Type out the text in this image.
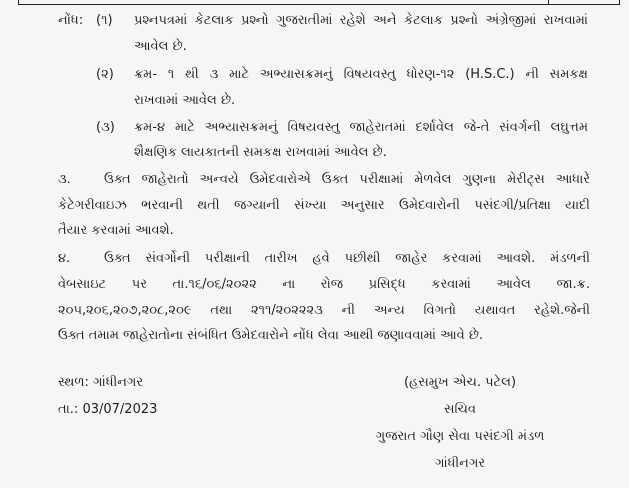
નોંધ: (૧) પ્રશ્નપત્રમાં કેટલાક પ્રશ્નો ગુજરાતીમાં રહેશે અને કેટલાક પ્રશ્નો અંગ્રેજીમાં રાખવામાં
આવેલ છે.
(૨) ક્રમ- ૧ થી ૩ માટે અભ્યાસક્રમનું વિષયવસ્તુ ધોરણ-૧૨ (H.S.C.) ની સમકક્ષ
રાખવામાં આવેલ છે.
(૩) ક્રમ-૪ માટે અભ્યાસક્રમનું વિષયવસ્તુ જાહેરાતમાં દર્શાવેલ જે-તે સંવર્ગની લઘુત્તમ
શૈક્ષણિક લાયકાતની સમકક્ષ રાખવામાં આવેલ છે.
૩.	ઉક્ત જાહેરાતો અન્વયે ઉમેદવારોએ ઉક્ત પરીક્ષામાં મેળવેલ ગુણના મેરીટ્સ આધારે
કેટેગરીવાઇઝ ભરવાની થતી જગ્યાની સંખ્યા અનુસાર ઉમેદવારોની પસંદગી/પ્રતિક્ષા યાદી
તૈયાર કરવામાં આવશે.
૪.	ઉક્ત સંવર્ગોની પરીક્ષાની તારીખ હવે પછીથી જાહેર કરવામાં આવશે. મંડળની
વેબસાઇટ પર તા.૧૬/૦૬/૨૦૨૨ ના રોજ પ્રસિદ્ધ કરવામાં આવેલ જા.ક્ર.
૨૦૫,૨૦૬,૨૦૭,૨૦૮,૨૦૯ તથા ૨૧૧/૨૦૨૨૨૩ ની અન્ય વિગતો યથાવત રહેશે.જેની
ઉક્ત તમામ જાહેરાતોના સંબંધિત ઉમેદવારોને નોંધ લેવા આથી જણાવવામાં આવે છે.
સ્થળ: ગાંધીનગર
તા.: 03/07/2023
(હસમુખ એચ. પટેલ)
સચિવ
ગુજરાત ગૌણ સેવા પસંદગી મંડળ
ગાંધીનગર
